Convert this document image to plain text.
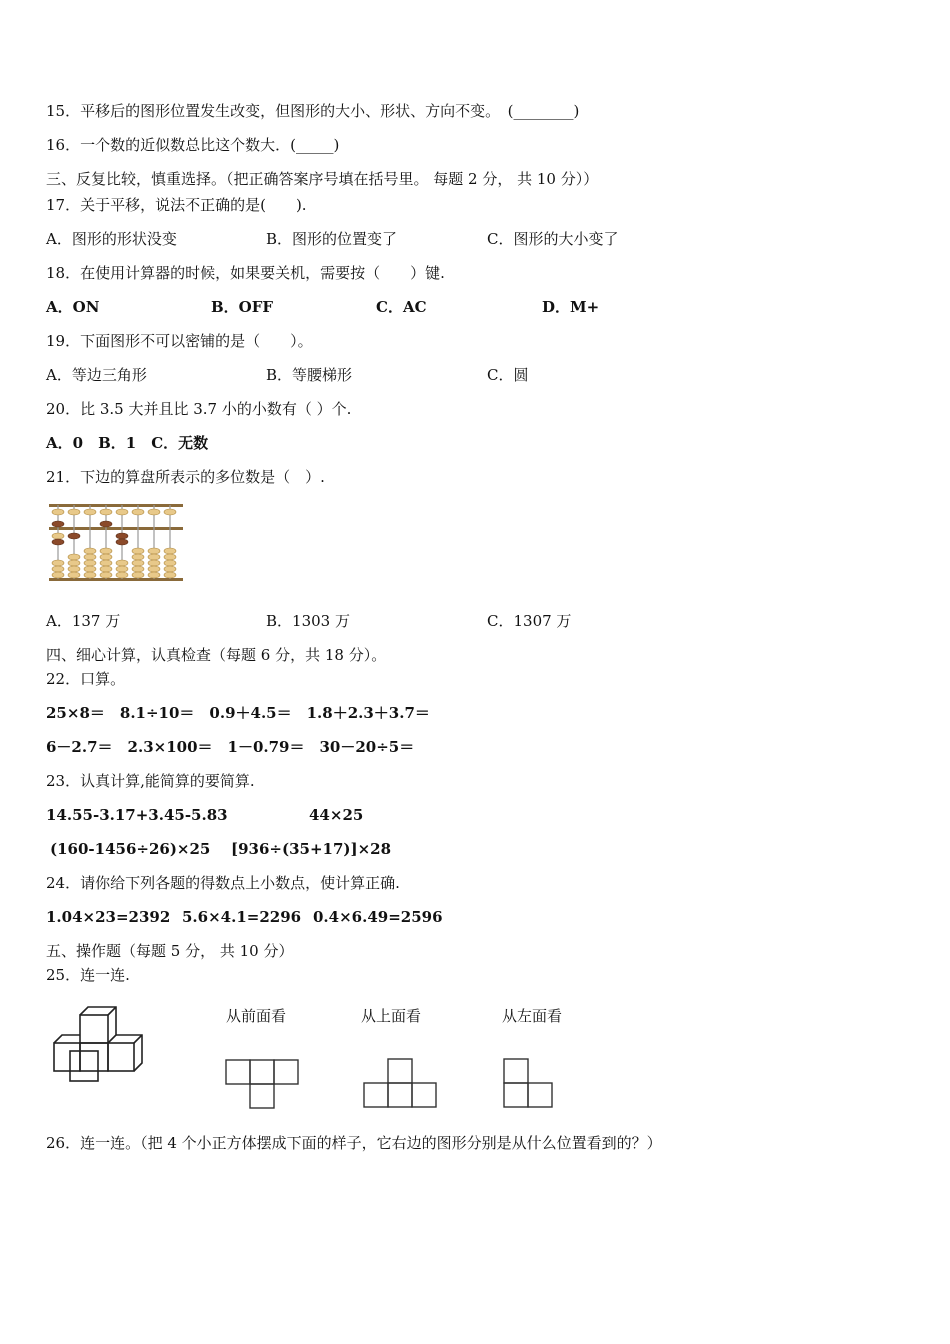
15．平移后的图形位置发生改变，但图形的大小、形状、方向不变。　(________)
16．一个数的近似数总比这个数大．(_____)
三、反复比较，慎重选择。（把正确答案序号填在括号里。 每题 2 分， 共 10 分））
17．关于平移，说法不正确的是(　　).
A．图形的形状没变	B．图形的位置变了	C．图形的大小变了
18．在使用计算器的时候，如果要关机，需要按（　　）键.
A．ON	B．OFF	C．AC	D．M+
19．下面图形不可以密铺的是（　　）。
A．等边三角形	B．等腰梯形	C．圆
20．比 3.5 大并且比 3.7 小的小数有（ ）个.
A．0　B．1　C．无数
21．下边的算盘所表示的多位数是（　）.
A．137 万	B．1303 万	C．1307 万
四、细心计算，认真检查（每题 6 分，共 18 分）。
22．口算。
25×8＝　8.1÷10＝　0.9＋4.5＝　1.8＋2.3＋3.7＝
6－2.7＝　2.3×100＝　1－0.79＝　30－20÷5＝
23．认真计算,能简算的要简算.
14.55-3.17+3.45-5.83	44×25
(160-1456÷26)×25 [936÷(35+17)]×28
24．请你给下列各题的得数点上小数点，使计算正确.
1.04×23=2392 5.6×4.1=2296 0.4×6.49=2596
五、操作题（每题 5 分， 共 10 分）
25．连一连.
从前面看	从上面看	从左面看
26．连一连。（把 4 个小正方体摆成下面的样子，它右边的图形分别是从什么位置看到的？）
